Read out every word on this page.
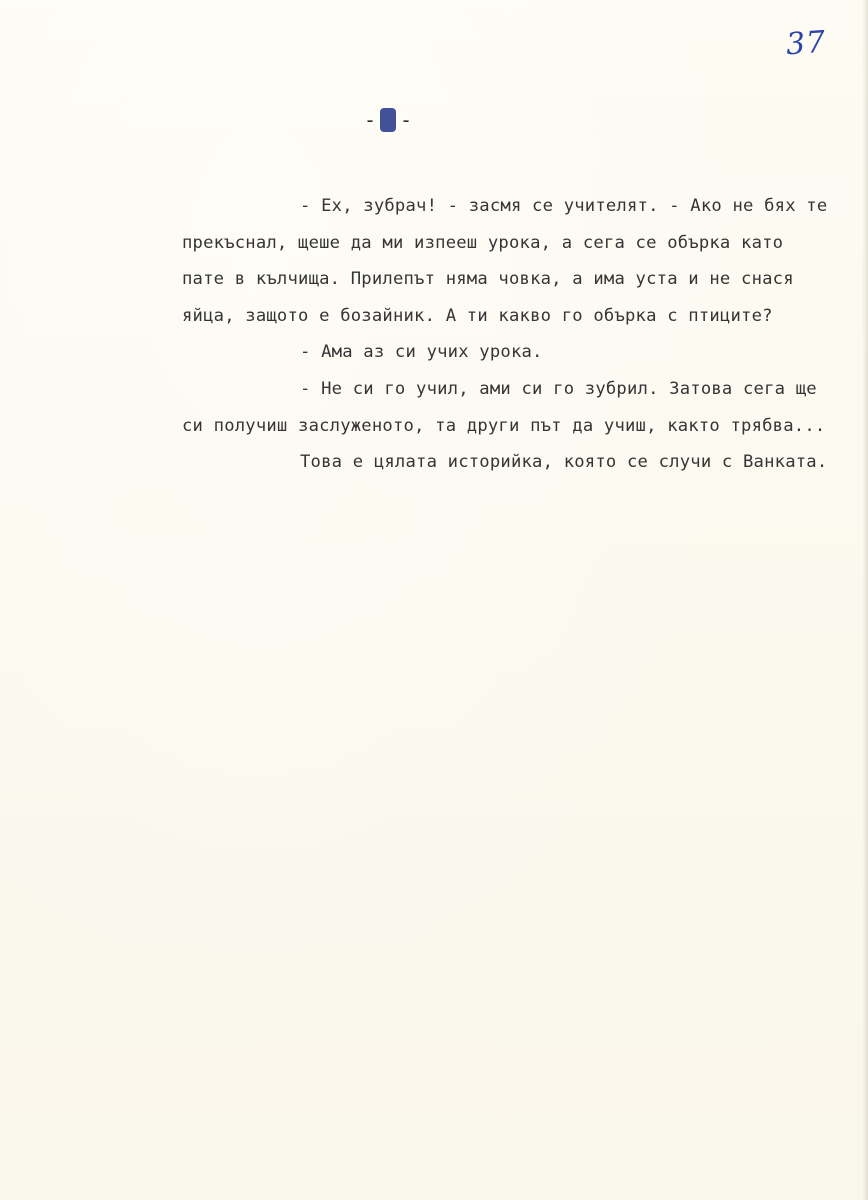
37
- -
- Ех, зубрач! - засмя се учителят. - Ако не бях те
прекъснал, щеше да ми изпееш урока, а сега се обърка като
пате в кълчища. Прилепът няма човка, а има уста и не снася
яйца, защото е бозайник. А ти какво го обърка с птиците?
- Ама аз си учих урока.
- Не си го учил, ами си го зубрил. Затова сега ще
си получиш заслуженото, та други път да учиш, както трябва...
Това е цялата историйка, която се случи с Ванката.
